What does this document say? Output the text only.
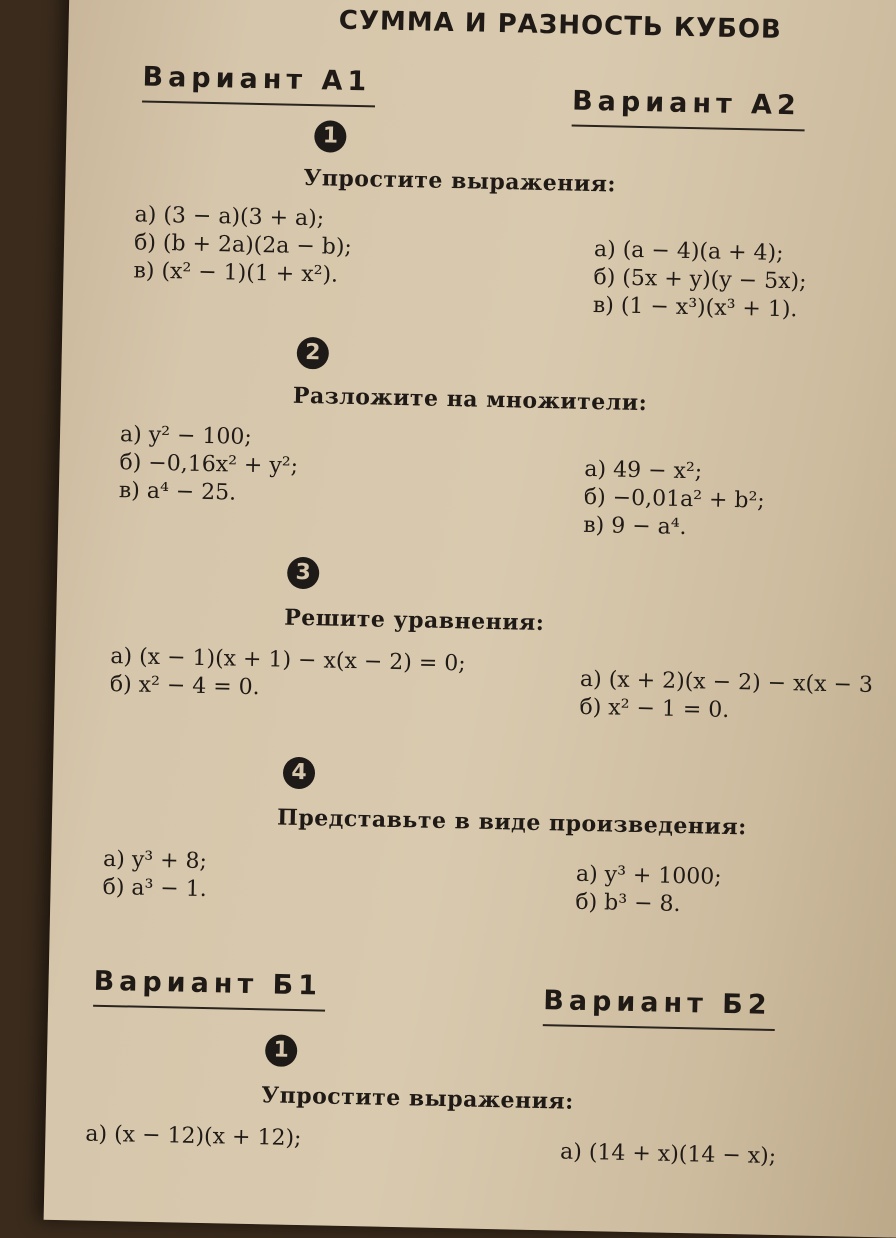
СУММА И РАЗНОСТЬ КУБОВ
Вариант А1
Вариант А2
1
Упростите выражения:
а) (3 − a)(3 + a);
б) (b + 2a)(2a − b);
в) (x² − 1)(1 + x²).
а) (a − 4)(a + 4);
б) (5x + y)(y − 5x);
в) (1 − x³)(x³ + 1).
2
Разложите на множители:
а) y² − 100;
б) −0,16x² + y²;
в) a⁴ − 25.
а) 49 − x²;
б) −0,01a² + b²;
в) 9 − a⁴.
3
Решите уравнения:
а) (x − 1)(x + 1) − x(x − 2) = 0;
б) x² − 4 = 0.	а) (x + 2)(x − 2) − x(x − 3
б) x² − 1 = 0.
4
Представьте в виде произведения:
а) y³ + 8;
б) a³ − 1.	а) y³ + 1000;
б) b³ − 8.
Вариант Б1
Вариант Б2
1
Упростите выражения:
а) (x − 12)(x + 12);
а) (14 + x)(14 − x);
